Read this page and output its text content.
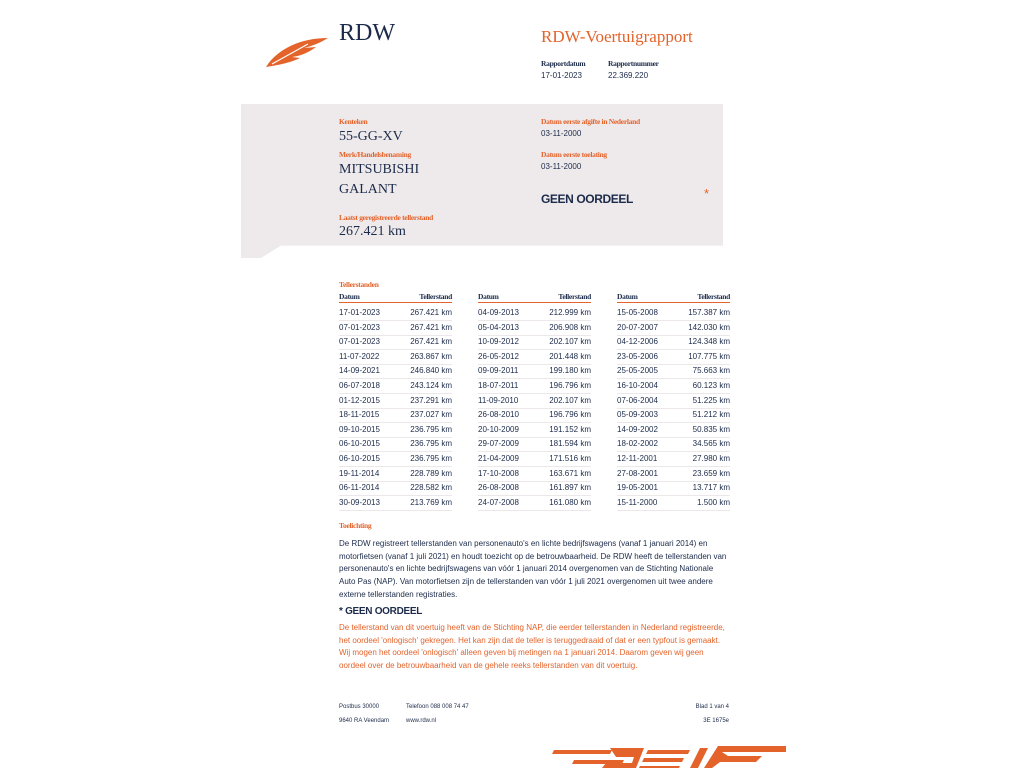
RDW	RDW-Voertuigrapport
Rapportdatum	Rapportnummer
17-01-2023	22.369.220
Kenteken
55-GG-XV
Merk/Handelsbenaming
MITSUBISHI
GALANT
Laatst geregistreerde tellerstand
267.421 km
Datum eerste afgifte in Nederland
03-11-2000
Datum eerste toelating
03-11-2000
GEEN OORDEEL	*
Tellerstanden
Datum	Tellerstand
17-01-2023	267.421 km
07-01-2023	267.421 km
07-01-2023	267.421 km
11-07-2022	263.867 km
14-09-2021	246.840 km
06-07-2018	243.124 km
01-12-2015	237.291 km
18-11-2015	237.027 km
09-10-2015	236.795 km
06-10-2015	236.795 km
06-10-2015	236.795 km
19-11-2014	228.789 km
06-11-2014	228.582 km
30-09-2013	213.769 km
Datum	Tellerstand
04-09-2013	212.999 km
05-04-2013	206.908 km
10-09-2012	202.107 km
26-05-2012	201.448 km
09-09-2011	199.180 km
18-07-2011	196.796 km
11-09-2010	202.107 km
26-08-2010	196.796 km
20-10-2009	191.152 km
29-07-2009	181.594 km
21-04-2009	171.516 km
17-10-2008	163.671 km
26-08-2008	161.897 km
24-07-2008	161.080 km
Datum	Tellerstand
15-05-2008	157.387 km
20-07-2007	142.030 km
04-12-2006	124.348 km
23-05-2006	107.775 km
25-05-2005	75.663 km
16-10-2004	60.123 km
07-06-2004	51.225 km
05-09-2003	51.212 km
14-09-2002	50.835 km
18-02-2002	34.565 km
12-11-2001	27.980 km
27-08-2001	23.659 km
19-05-2001	13.717 km
15-11-2000	1.500 km
Toelichting
De RDW registreert tellerstanden van personenauto's en lichte bedrijfswagens (vanaf 1 januari 2014) en motorfietsen (vanaf 1 juli 2021) en houdt toezicht op de betrouwbaarheid. De RDW heeft de tellerstanden van personenauto's en lichte bedrijfswagens van vóór 1 januari 2014 overgenomen van de Stichting Nationale Auto Pas (NAP). Van motorfietsen zijn de tellerstanden van vóór 1 juli 2021 overgenomen uit twee andere externe tellerstanden registraties.
* GEEN OORDEEL
De tellerstand van dit voertuig heeft van de Stichting NAP, die eerder tellerstanden in Nederland registreerde, het oordeel 'onlogisch' gekregen. Het kan zijn dat de teller is teruggedraaid of dat er een typfout is gemaakt. Wij mogen het oordeel 'onlogisch' alleen geven bij metingen na 1 januari 2014. Daarom geven wij geen oordeel over de betrouwbaarheid van de gehele reeks tellerstanden van dit voertuig.
Postbus 30000
9640 RA Veendam
Telefoon 088 008 74 47
www.rdw.nl
Blad 1 van 4
3E 1675e
